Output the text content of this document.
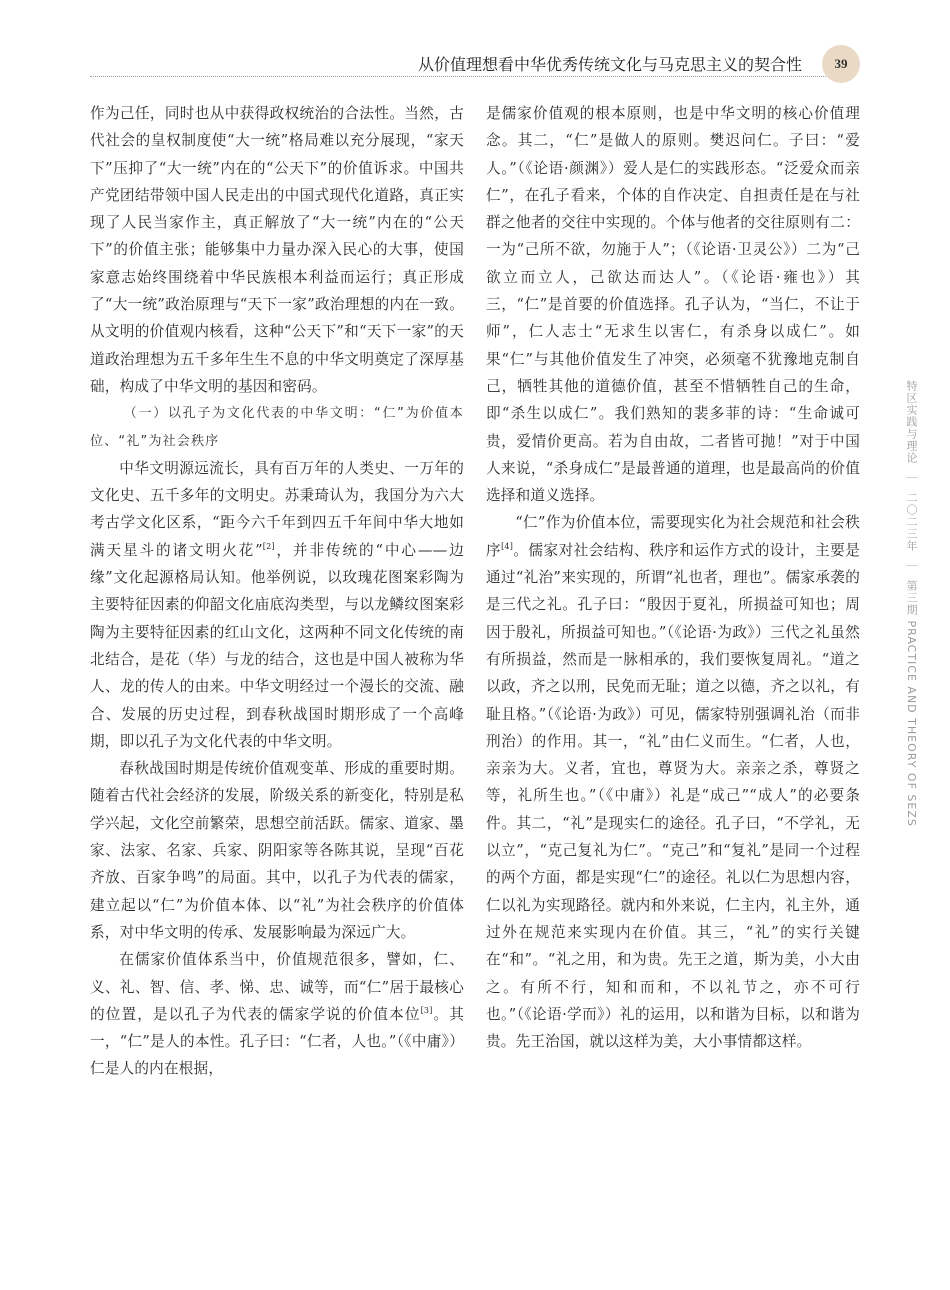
从价值理想看中华优秀传统文化与马克思主义的契合性	39

作为己任，同时也从中获得政权统治的合法性。当然，古代社会的皇权制度使“大一统”格局难以充分展现，“家天下”压抑了“大一统”内在的“公天下”的价值诉求。中国共产党团结带领中国人民走出的中国式现代化道路，真正实现了人民当家作主，真正解放了“大一统”内在的“公天下”的价值主张；能够集中力量办深入民心的大事，使国家意志始终围绕着中华民族根本利益而运行；真正形成了“大一统”政治原理与“天下一家”政治理想的内在一致。从文明的价值观内核看，这种“公天下”和“天下一家”的天道政治理想为五千多年生生不息的中华文明奠定了深厚基础，构成了中华文明的基因和密码。

（一）以孔子为文化代表的中华文明：“仁”为价值本位、“礼”为社会秩序

中华文明源远流长，具有百万年的人类史、一万年的文化史、五千多年的文明史。苏秉琦认为，我国分为六大考古学文化区系，“距今六千年到四五千年间中华大地如满天星斗的诸文明火花”[2]，并非传统的“中心——边缘”文化起源格局认知。他举例说，以玫瑰花图案彩陶为主要特征因素的仰韶文化庙底沟类型，与以龙鳞纹图案彩陶为主要特征因素的红山文化，这两种不同文化传统的南北结合，是花（华）与龙的结合，这也是中国人被称为华人、龙的传人的由来。中华文明经过一个漫长的交流、融合、发展的历史过程，到春秋战国时期形成了一个高峰期，即以孔子为文化代表的中华文明。

春秋战国时期是传统价值观变革、形成的重要时期。随着古代社会经济的发展，阶级关系的新变化，特别是私学兴起，文化空前繁荣，思想空前活跃。儒家、道家、墨家、法家、名家、兵家、阴阳家等各陈其说，呈现“百花齐放、百家争鸣”的局面。其中，以孔子为代表的儒家，建立起以“仁”为价值本体、以“礼”为社会秩序的价值体系，对中华文明的传承、发展影响最为深远广大。

在儒家价值体系当中，价值规范很多，譬如，仁、义、礼、智、信、孝、悌、忠、诚等，而“仁”居于最核心的位置，是以孔子为代表的儒家学说的价值本位[3]。其一，“仁”是人的本性。孔子曰：“仁者，人也。”（《中庸》）仁是人的内在根据，

是儒家价值观的根本原则，也是中华文明的核心价值理念。其二，“仁”是做人的原则。樊迟问仁。子曰：“爱人。”（《论语·颜渊》）爱人是仁的实践形态。“泛爱众而亲仁”，在孔子看来，个体的自作决定、自担责任是在与社群之他者的交往中实现的。个体与他者的交往原则有二：一为“己所不欲，勿施于人”；（《论语·卫灵公》）二为“己欲立而立人，己欲达而达人”。（《论语·雍也》）其三，“仁”是首要的价值选择。孔子认为，“当仁，不让于师”，仁人志士“无求生以害仁，有杀身以成仁”。如果“仁”与其他价值发生了冲突，必须毫不犹豫地克制自己，牺牲其他的道德价值，甚至不惜牺牲自己的生命，即“杀生以成仁”。我们熟知的裴多菲的诗：“生命诚可贵，爱情价更高。若为自由故，二者皆可抛！”对于中国人来说，“杀身成仁”是最普通的道理，也是最高尚的价值选择和道义选择。

“仁”作为价值本位，需要现实化为社会规范和社会秩序[4]。儒家对社会结构、秩序和运作方式的设计，主要是通过“礼治”来实现的，所谓“礼也者，理也”。儒家承袭的是三代之礼。孔子曰：“殷因于夏礼，所损益可知也；周因于殷礼，所损益可知也。”（《论语·为政》）三代之礼虽然有所损益，然而是一脉相承的，我们要恢复周礼。“道之以政，齐之以刑，民免而无耻；道之以德，齐之以礼，有耻且格。”（《论语·为政》）可见，儒家特别强调礼治（而非刑治）的作用。其一，“礼”由仁义而生。“仁者，人也，亲亲为大。义者，宜也，尊贤为大。亲亲之杀，尊贤之等，礼所生也。”（《中庸》）礼是“成己”“成人”的必要条件。其二，“礼”是现实仁的途径。孔子曰，“不学礼，无以立”，“克己复礼为仁”。“克己”和“复礼”是同一个过程的两个方面，都是实现“仁”的途径。礼以仁为思想内容，仁以礼为实现路径。就内和外来说，仁主内，礼主外，通过外在规范来实现内在价值。其三，“礼”的实行关键在“和”。“礼之用，和为贵。先王之道，斯为美，小大由之。有所不行，知和而和，不以礼节之，亦不可行也。”（《论语·学而》）礼的运用，以和谐为目标，以和谐为贵。先王治国，就以这样为美，大小事情都这样。

特区实践与理论｜二〇二三年｜第三期 PRACTICE AND THEORY OF SEZS
